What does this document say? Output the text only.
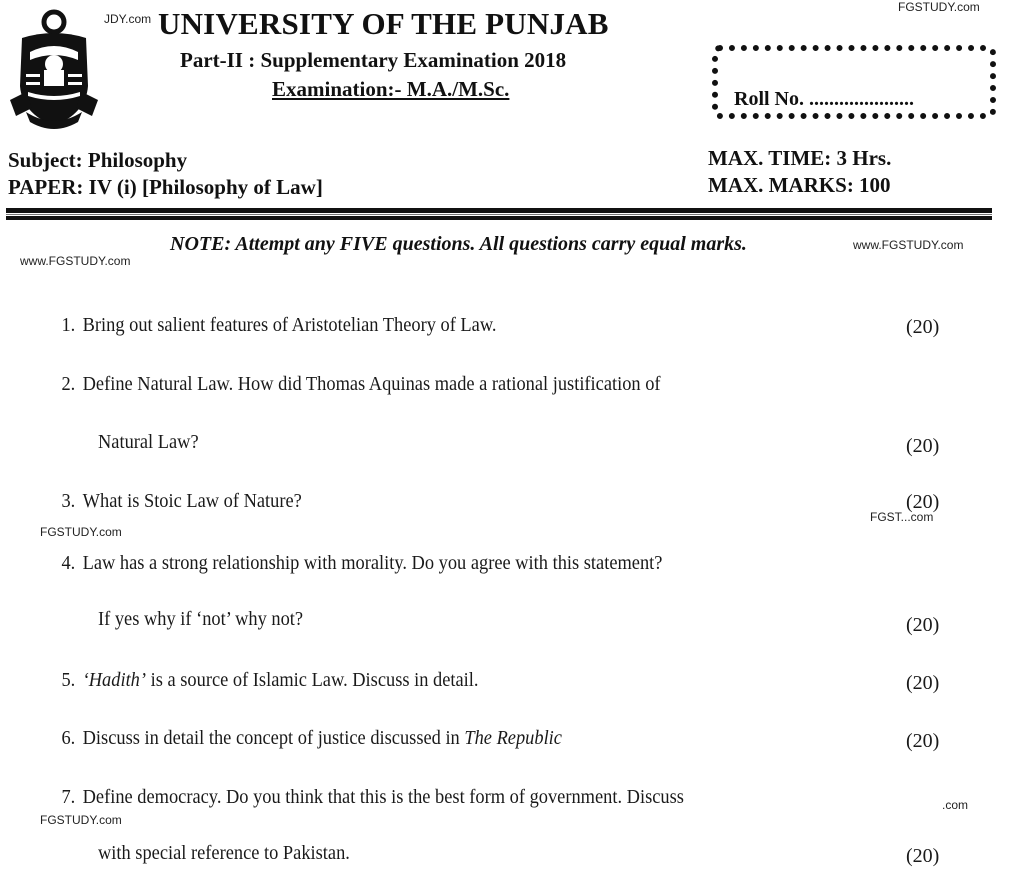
JDY.com
FGSTUDY.com
UNIVERSITY OF THE PUNJAB
Part-II : Supplementary Examination 2018
Examination:- M.A./M.Sc.	Roll No. .....................
Subject: Philosophy
PAPER: IV (i) [Philosophy of Law]
MAX. TIME: 3 Hrs.
MAX. MARKS: 100
www.FGSTUDY.com
NOTE: Attempt any FIVE questions. All questions carry equal marks.	www.FGSTUDY.com
1. Bring out salient features of Aristotelian Theory of Law.	(20)
2. Define Natural Law. How did Thomas Aquinas made a rational justification of
Natural Law?	(20)
3. What is Stoic Law of Nature?	(20)
FGST...com
FGSTUDY.com
4. Law has a strong relationship with morality. Do you agree with this statement?
If yes why if ‘not’ why not?	(20)
5. ‘Hadith’ is a source of Islamic Law. Discuss in detail.	(20)
6. Discuss in detail the concept of justice discussed in The Republic	(20)
7. Define democracy. Do you think that this is the best form of government. Discuss	.com
FGSTUDY.com
with special reference to Pakistan.	(20)
